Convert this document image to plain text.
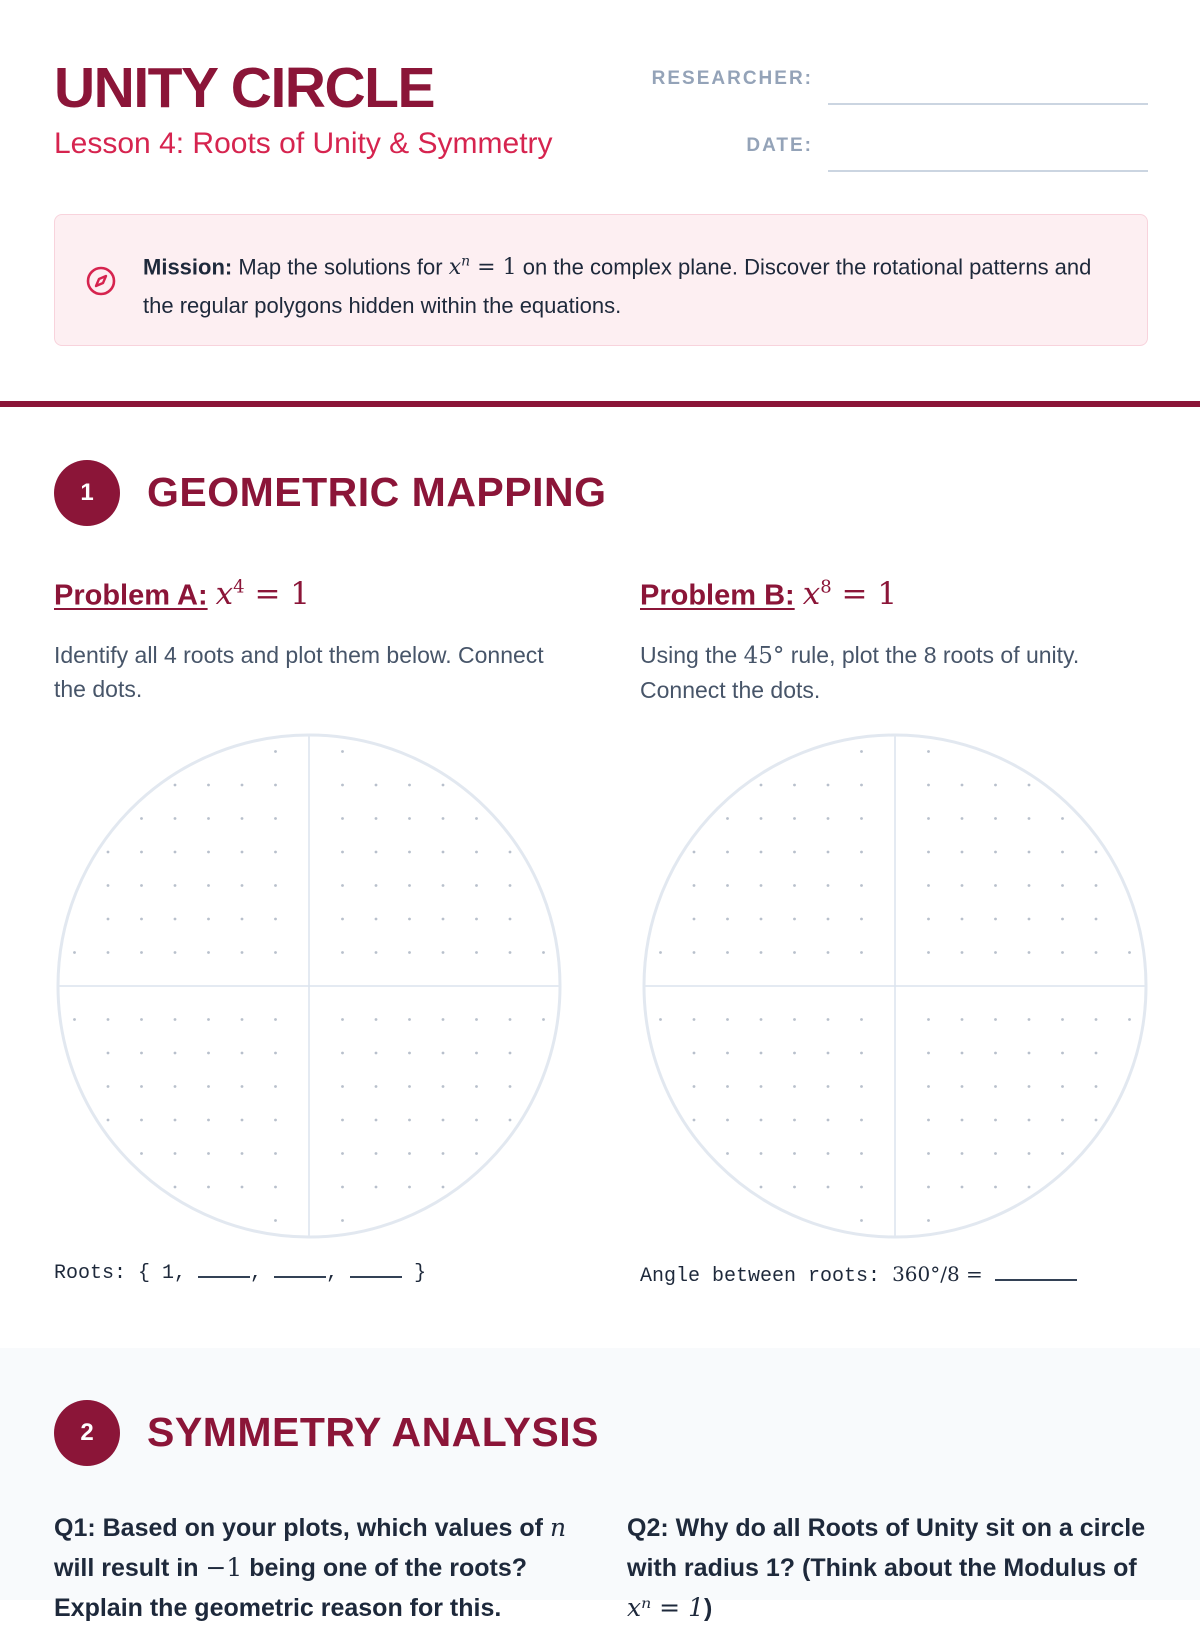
UNITY CIRCLE
Lesson 4: Roots of Unity & Symmetry
RESEARCHER:
DATE:
Mission: Map the solutions for $x^n = 1$ on the complex plane. Discover the rotational patterns and the regular polygons hidden within the equations.
1	GEOMETRIC MAPPING
Problem A: $x^4 = 1$
Identify all 4 roots and plot them below. Connect the dots.
Roots: { 1,	,	,	}
Problem B: $x^8 = 1$
Using the 45° rule, plot the 8 roots of unity. Connect the dots.
Angle between roots: 360°/8 =
2	SYMMETRY ANALYSIS
Q1: Based on your plots, which values of n will result in −1 being one of the roots? Explain the geometric reason for this.
Q2: Why do all Roots of Unity sit on a circle with radius 1? (Think about the Modulus of xⁿ = 1)
